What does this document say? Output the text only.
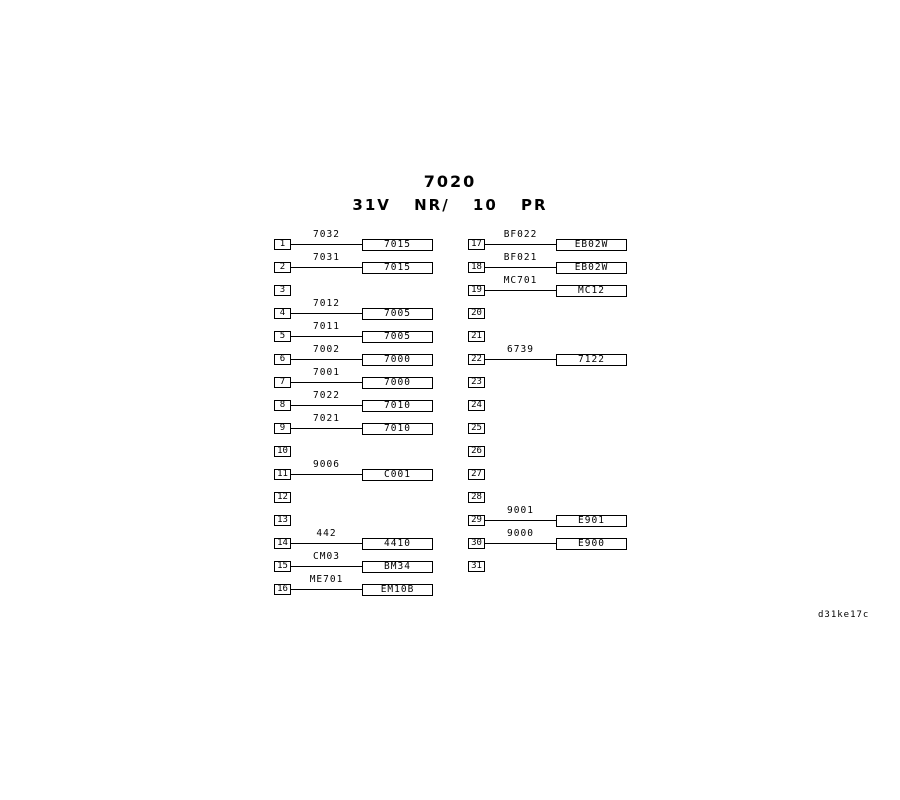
7020
31V NR/ 10 PR
1
7032
7015
2
7031
7015
3
4
7012
7005
5
7011
7005
6
7002
7000
7
7001
7000
8
7022
7010
9
7021
7010
10
11
9006
C001
12
13
14
442
4410
15
CM03
BM34
16
ME701
EM10B
17
BF022
EB02W
18
BF021
EB02W
19
MC701
MC12
20
21
22
6739
7122
23
24
25
26
27
28
29
9001
E901
30
9000
E900
31
d31ke17c
